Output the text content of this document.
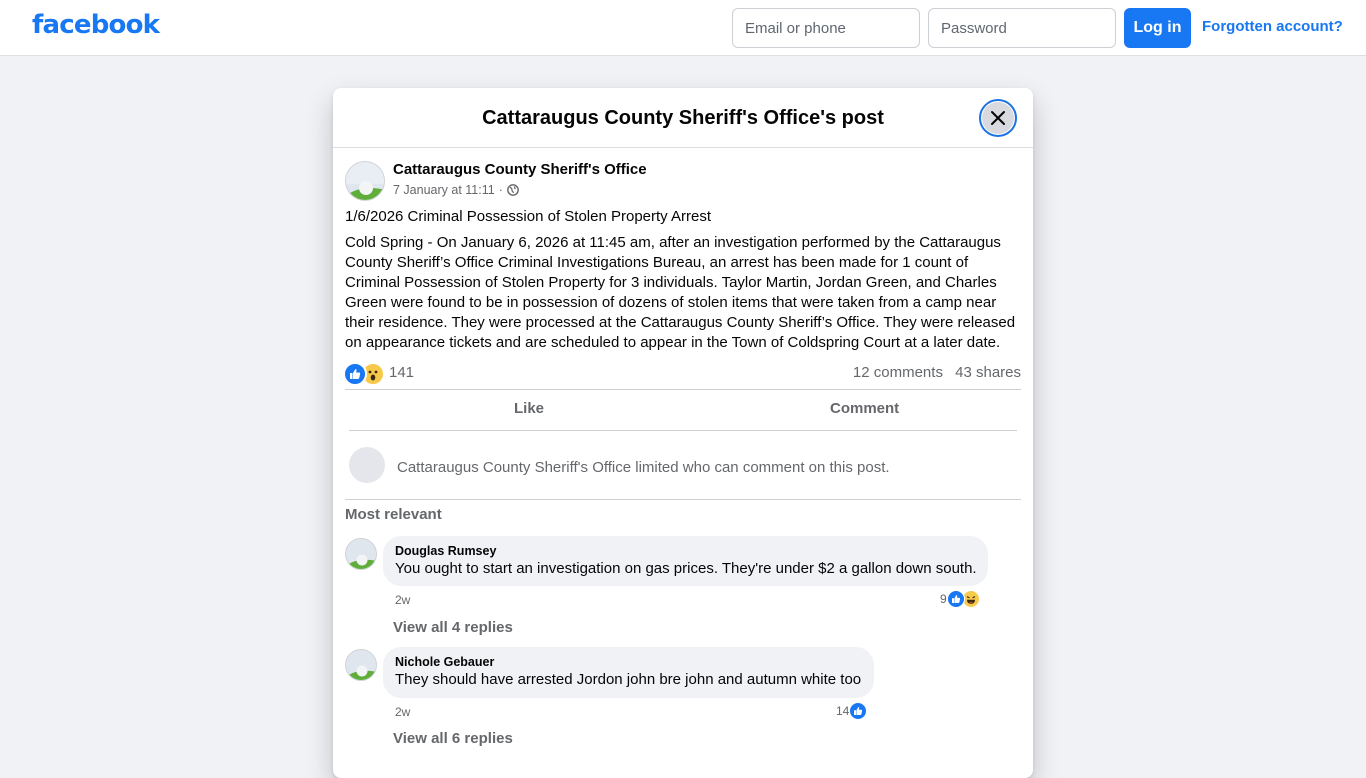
facebook
Email or phone	Log in	Forgotten account?
Cattaraugus County Sheriff's Office's post
Cattaraugus County Sheriff's Office
7 January at 11:11 ·
1/6/2026 Criminal Possession of Stolen Property Arrest
Cold Spring - On January 6, 2026 at 11:45 am, after an investigation performed by the Cattaraugus County Sheriff’s Office Criminal Investigations Bureau, an arrest has been made for 1 count of Criminal Possession of Stolen Property for 3 individuals. Taylor Martin, Jordan Green, and Charles Green were found to be in possession of dozens of stolen items that were taken from a camp near their residence. They were processed at the Cattaraugus County Sheriff’s Office. They were released on appearance tickets and are scheduled to appear in the Town of Coldspring Court at a later date.
141	12 comments 43 shares
Like	Comment
Cattaraugus County Sheriff's Office limited who can comment on this post.
Most relevant
Douglas Rumsey
You ought to start an investigation on gas prices. They're under $2 a gallon down south.
2w	9
View all 4 replies
Nichole Gebauer
They should have arrested Jordon john bre john and autumn white too
2w	14
View all 6 replies
